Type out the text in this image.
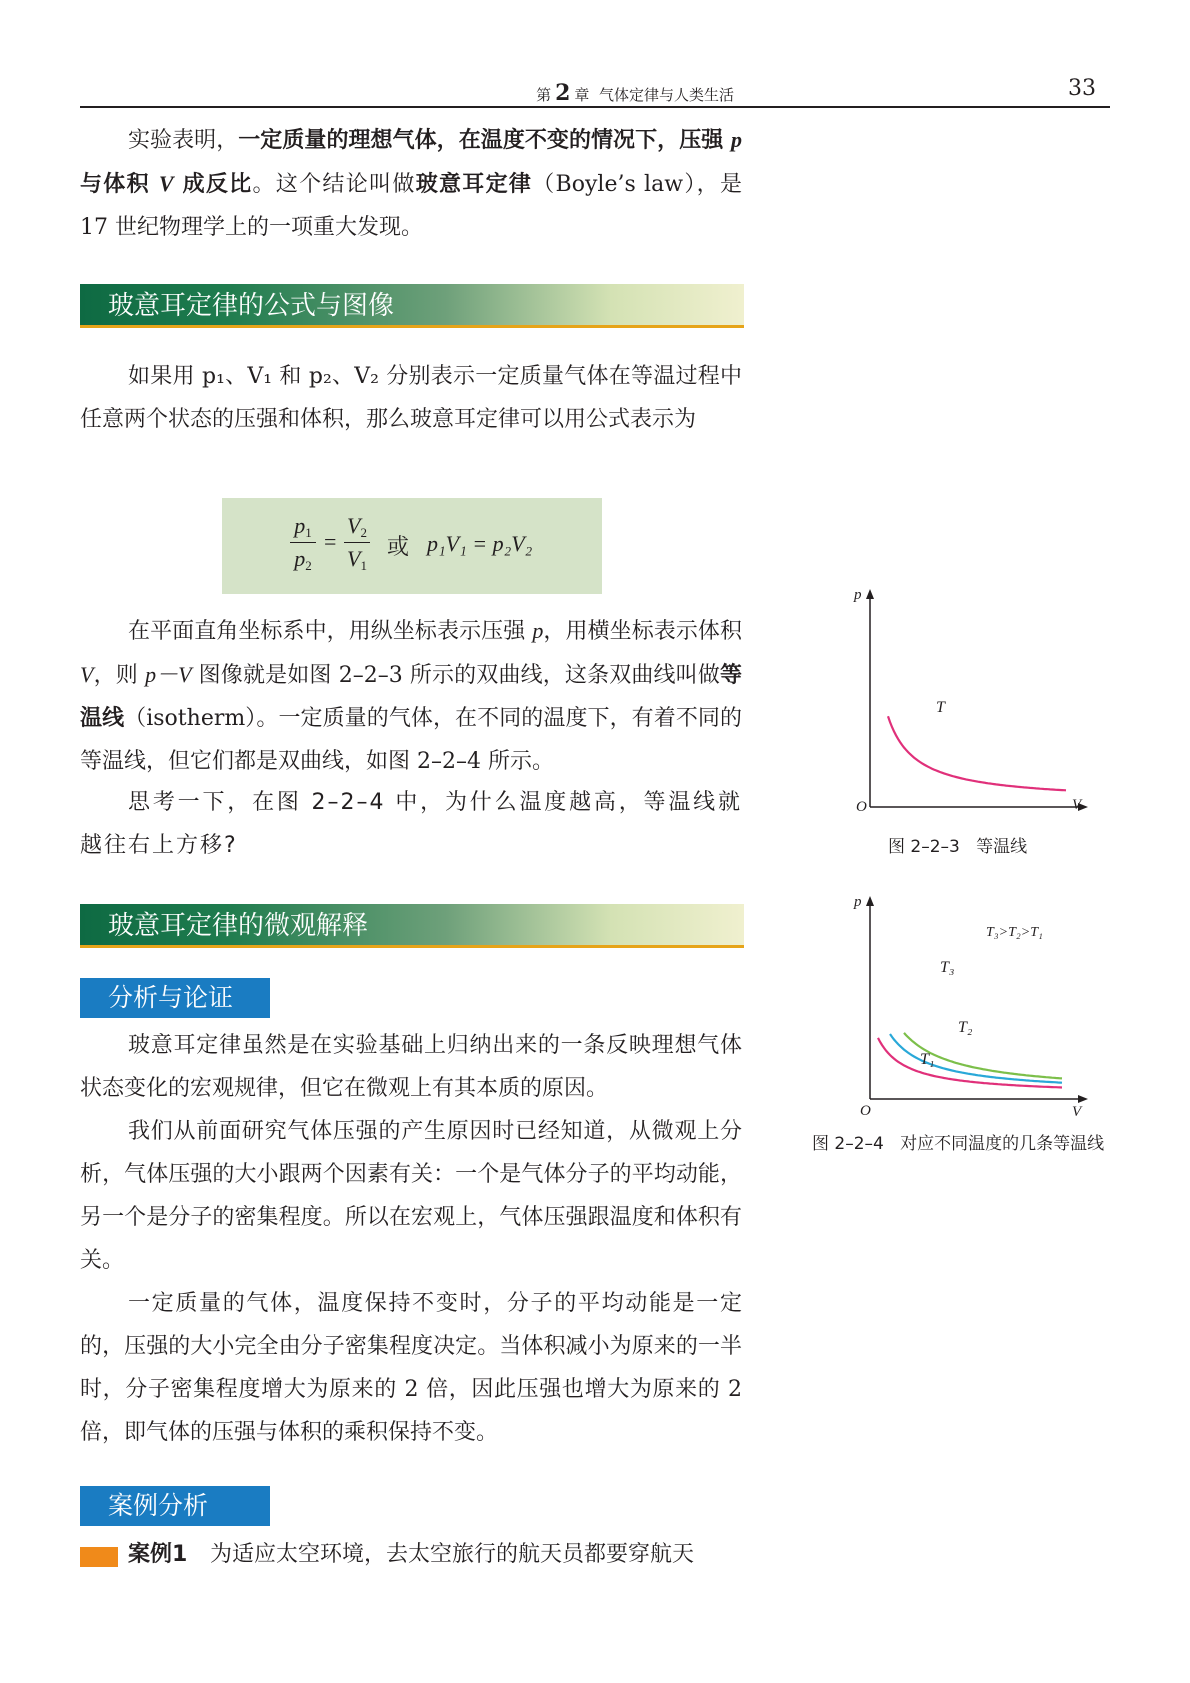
第 2 章 气体定律与人类生活	33
实验表明，一定质量的理想气体，在温度不变的情况下，压强 p 与体积 V 成反比。这个结论叫做玻意耳定律（Boyle’s law），是 17 世纪物理学上的一项重大发现。
玻意耳定律的公式与图像
如果用 p₁、V₁ 和 p₂、V₂ 分别表示一定质量气体在等温过程中任意两个状态的压强和体积，那么玻意耳定律可以用公式表示为
$p_1$
$p_2$
=
$V_2$
$V_1$
或 p₁V₁ = p₂V₂
在平面直角坐标系中，用纵坐标表示压强 p，用横坐标表示体积 V，则 p－V 图像就是如图 2–2–3 所示的双曲线，这条双曲线叫做等温线（isotherm）。一定质量的气体，在不同的温度下，有着不同的等温线，但它们都是双曲线，如图 2–2–4 所示。
思考一下，在图 2–2–4 中，为什么温度越高，等温线就越往右上方移?
玻意耳定律的微观解释
分析与论证
玻意耳定律虽然是在实验基础上归纳出来的一条反映理想气体状态变化的宏观规律，但它在微观上有其本质的原因。
我们从前面研究气体压强的产生原因时已经知道，从微观上分析，气体压强的大小跟两个因素有关：一个是气体分子的平均动能，另一个是分子的密集程度。所以在宏观上，气体压强跟温度和体积有关。
一定质量的气体，温度保持不变时，分子的平均动能是一定的，压强的大小完全由分子密集程度决定。当体积减小为原来的一半时，分子密集程度增大为原来的 2 倍，因此压强也增大为原来的 2 倍，即气体的压强与体积的乘积保持不变。
案例分析
案例1 为适应太空环境，去太空旅行的航天员都要穿航天
p
V
O
T
图 2–2–3 等温线
p
V
O
T₃>T₂>T₁
T₃
T₂
T₁
图 2–2–4 对应不同温度的几条等温线
